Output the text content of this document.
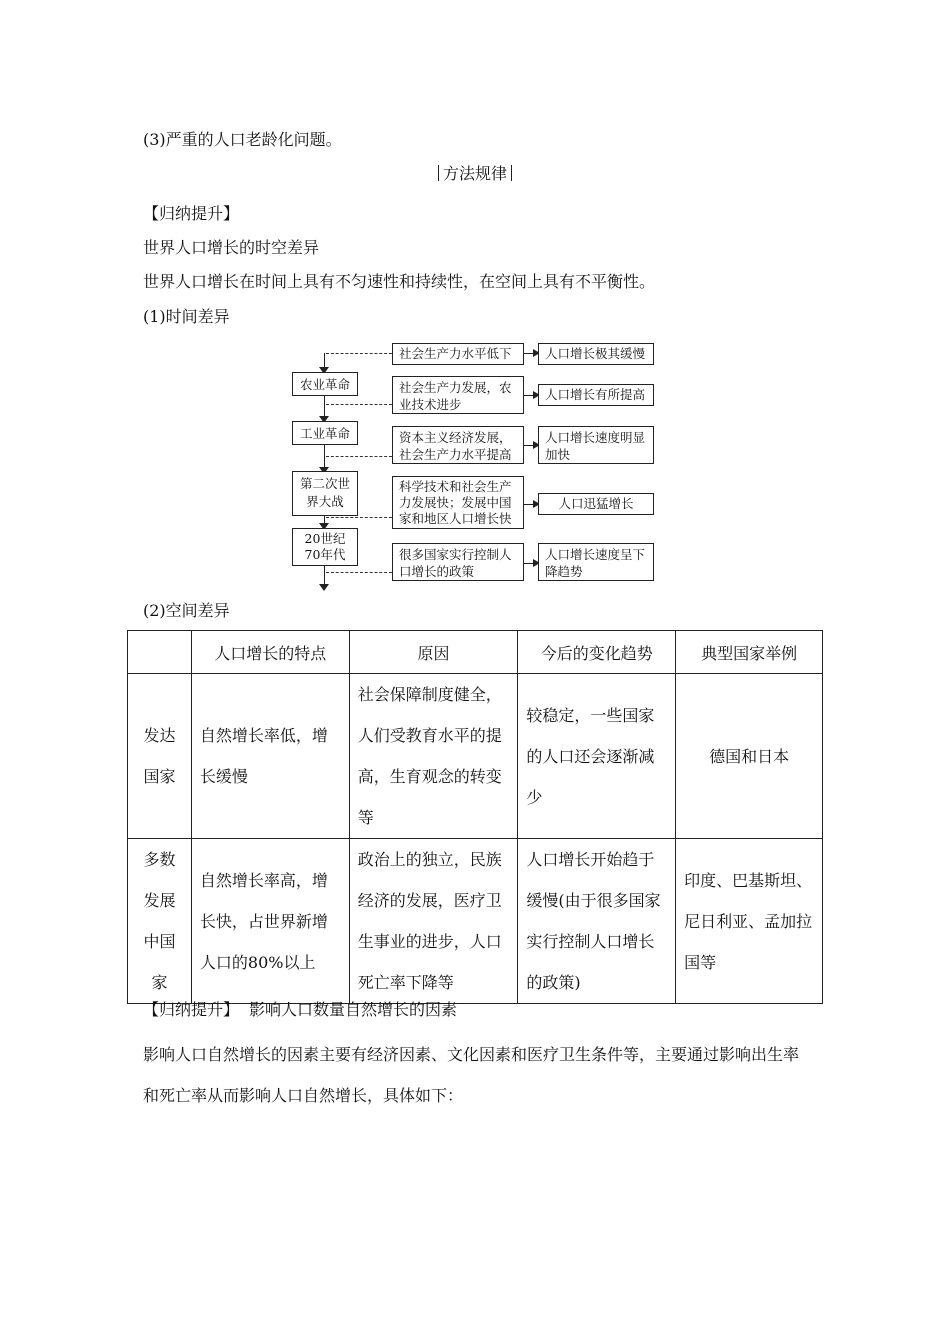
(3)严重的人口老龄化问题。
方法规律
【归纳提升】
世界人口增长的时空差异
世界人口增长在时间上具有不匀速性和持续性，在空间上具有不平衡性。
(1)时间差异
农业革命
工业革命
第二次世界大战
20世纪70年代
社会生产力水平低下
社会生产力发展，农业技术进步
资本主义经济发展，社会生产力水平提高
科学技术和社会生产力发展快；发展中国家和地区人口增长快
很多国家实行控制人口增长的政策
人口增长极其缓慢
人口增长有所提高
人口增长速度明显加快
人口迅猛增长
人口增长速度呈下降趋势
(2)空间差异
	人口增长的特点	原因	今后的变化趋势	典型国家举例
发达国家	自然增长率低，增长缓慢	社会保障制度健全，人们受教育水平的提高，生育观念的转变等	较稳定，一些国家的人口还会逐渐减少	德国和日本
多数发展中国家	自然增长率高，增长快，占世界新增人口的80%以上	政治上的独立，民族经济的发展，医疗卫生事业的进步，人口死亡率下降等	人口增长开始趋于缓慢(由于很多国家实行控制人口增长的政策)	印度、巴基斯坦、尼日利亚、孟加拉国等
【归纳提升】 影响人口数量自然增长的因素
影响人口自然增长的因素主要有经济因素、文化因素和医疗卫生条件等，主要通过影响出生率和死亡率从而影响人口自然增长，具体如下：
